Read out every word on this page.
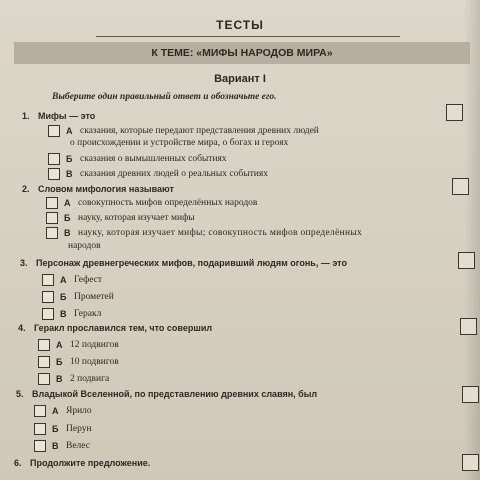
ТЕСТЫ
К ТЕМЕ: «МИФЫ НАРОДОВ МИРА»
Вариант I
Выберите один правильный ответ и обозначьте его.
1. Мифы — это
А сказания, которые передают представления древних людей
о происхождении и устройстве мира, о богах и героях
Б сказания о вымышленных событиях
В сказания древних людей о реальных событиях
2. Словом мифология называют
А совокупность мифов определённых народов
Б науку, которая изучает мифы
В науку, которая изучает мифы; совокупность мифов определённых
народов
3. Персонаж древнегреческих мифов, подаривший людям огонь, — это
А Гефест
Б Прометей
В Геракл
4. Геракл прославился тем, что совершил
А 12 подвигов
Б 10 подвигов
В 2 подвига
5. Владыкой Вселенной, по представлению древних славян, был
А Ярило
Б Перун
В Велес
6. Продолжите предложение.
